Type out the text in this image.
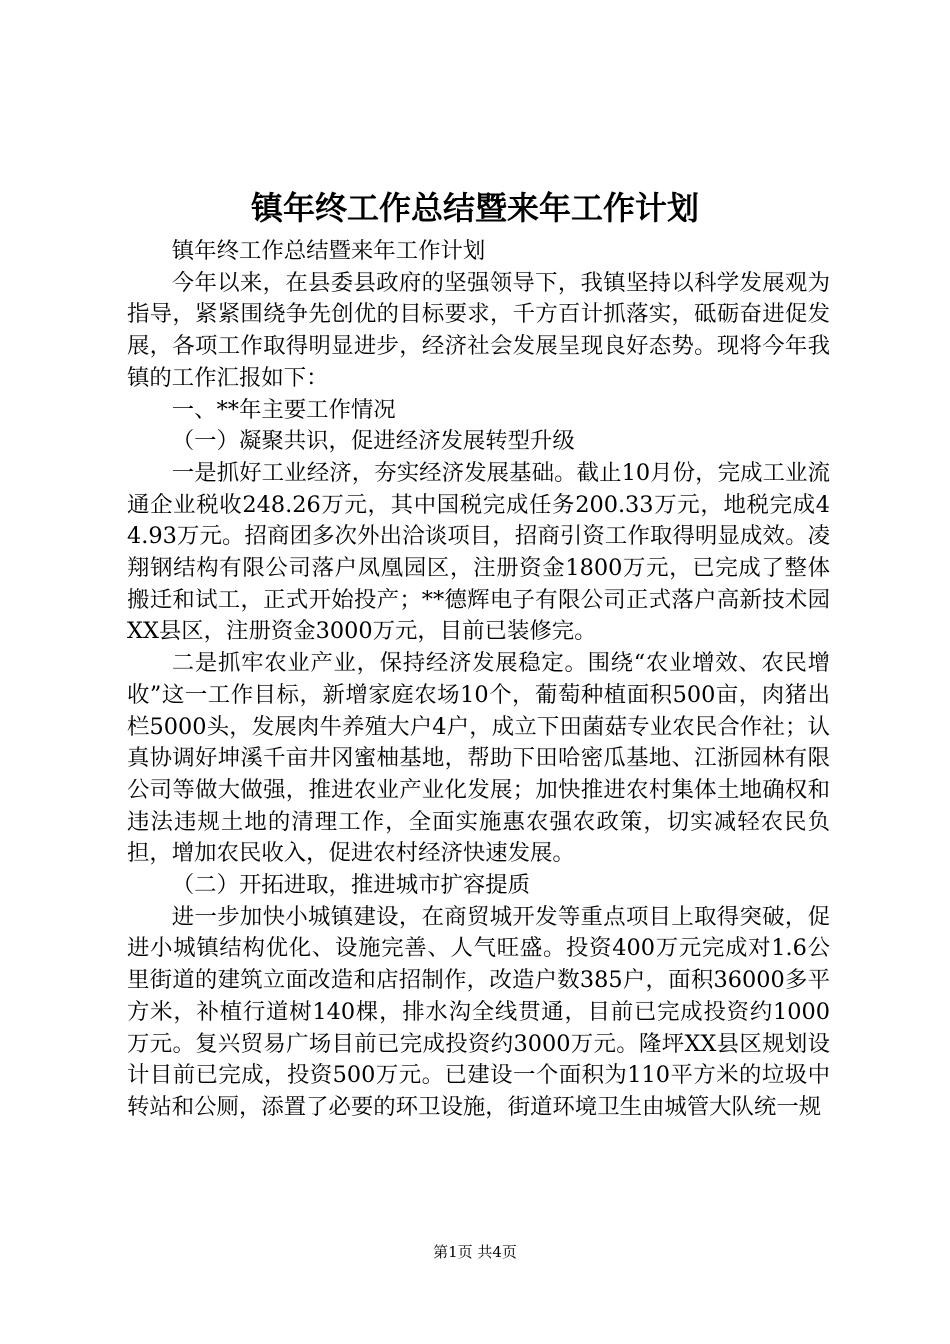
镇年终工作总结暨来年工作计划

镇年终工作总结暨来年工作计划

今年以来，在县委县政府的坚强领导下，我镇坚持以科学发展观为指导，紧紧围绕争先创优的目标要求，千方百计抓落实，砥砺奋进促发展，各项工作取得明显进步，经济社会发展呈现良好态势。现将今年我镇的工作汇报如下：

一、**年主要工作情况

（一）凝聚共识，促进经济发展转型升级

一是抓好工业经济，夯实经济发展基础。截止10月份，完成工业流通企业税收248.26万元，其中国税完成任务200.33万元，地税完成44.93万元。招商团多次外出洽谈项目，招商引资工作取得明显成效。凌翔钢结构有限公司落户凤凰园区，注册资金1800万元，已完成了整体搬迁和试工，正式开始投产；**德辉电子有限公司正式落户高新技术园XX县区，注册资金3000万元，目前已装修完。

二是抓牢农业产业，保持经济发展稳定。围绕“农业增效、农民增收”这一工作目标，新增家庭农场10个，葡萄种植面积500亩，肉猪出栏5000头，发展肉牛养殖大户4户，成立下田菌菇专业农民合作社；认真协调好坤溪千亩井冈蜜柚基地，帮助下田哈密瓜基地、江浙园林有限公司等做大做强，推进农业产业化发展；加快推进农村集体土地确权和违法违规土地的清理工作，全面实施惠农强农政策，切实减轻农民负担，增加农民收入，促进农村经济快速发展。

（二）开拓进取，推进城市扩容提质

进一步加快小城镇建设，在商贸城开发等重点项目上取得突破，促进小城镇结构优化、设施完善、人气旺盛。投资400万元完成对1.6公里街道的建筑立面改造和店招制作，改造户数385户，面积36000多平方米，补植行道树140棵，排水沟全线贯通，目前已完成投资约1000万元。复兴贸易广场目前已完成投资约3000万元。隆坪XX县区规划设计目前已完成，投资500万元。已建设一个面积为110平方米的垃圾中转站和公厕，添置了必要的环卫设施，街道环境卫生由城管大队统一规

第1页 共4页
